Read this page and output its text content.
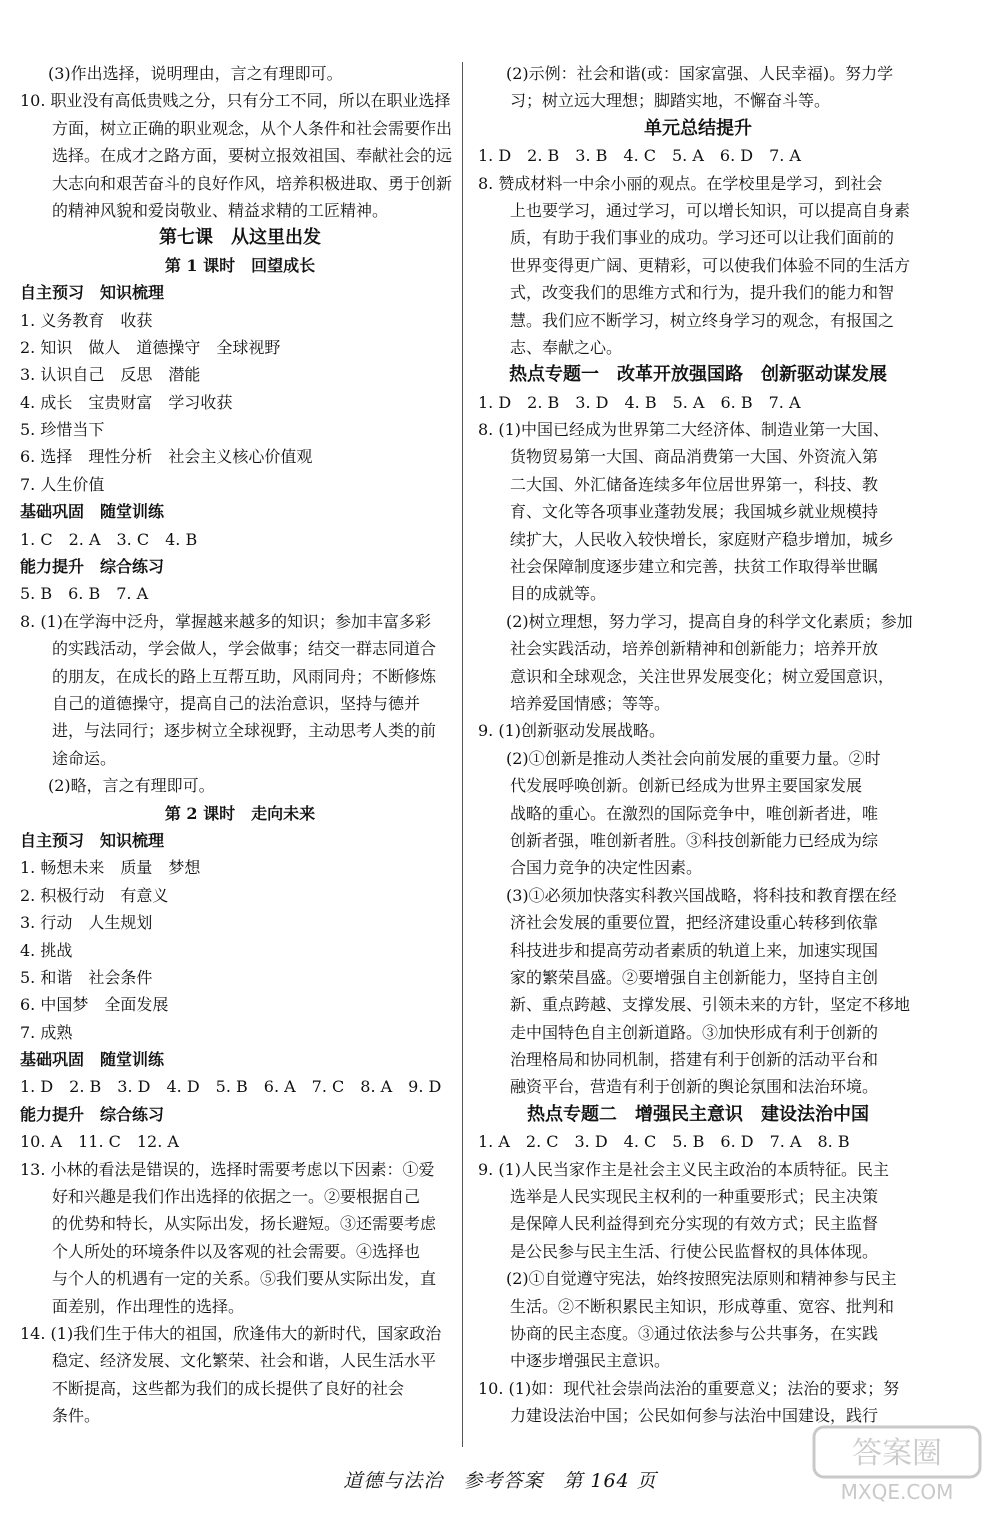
(3)作出选择，说明理由，言之有理即可。
10. 职业没有高低贵贱之分，只有分工不同，所以在职业选择
方面，树立正确的职业观念，从个人条件和社会需要作出
选择。在成才之路方面，要树立报效祖国、奉献社会的远
大志向和艰苦奋斗的良好作风，培养积极进取、勇于创新
的精神风貌和爱岗敬业、精益求精的工匠精神。
第七课　从这里出发
第 1 课时　回望成长
自主预习　知识梳理
1. 义务教育　收获
2. 知识　做人　道德操守　全球视野
3. 认识自己　反思　潜能
4. 成长　宝贵财富　学习收获
5. 珍惜当下
6. 选择　理性分析　社会主义核心价值观
7. 人生价值
基础巩固　随堂训练
1. C　2. A　3. C　4. B
能力提升　综合练习
5. B　6. B　7. A
8. (1)在学海中泛舟，掌握越来越多的知识；参加丰富多彩
的实践活动，学会做人，学会做事；结交一群志同道合
的朋友，在成长的路上互帮互助，风雨同舟；不断修炼
自己的道德操守，提高自己的法治意识，坚持与德并
进，与法同行；逐步树立全球视野，主动思考人类的前
途命运。
(2)略，言之有理即可。
第 2 课时　走向未来
自主预习　知识梳理
1. 畅想未来　质量　梦想
2. 积极行动　有意义
3. 行动　人生规划
4. 挑战
5. 和谐　社会条件
6. 中国梦　全面发展
7. 成熟
基础巩固　随堂训练
1. D　2. B　3. D　4. D　5. B　6. A　7. C　8. A　9. D
能力提升　综合练习
10. A　11. C　12. A
13. 小林的看法是错误的，选择时需要考虑以下因素：①爱
好和兴趣是我们作出选择的依据之一。②要根据自己
的优势和特长，从实际出发，扬长避短。③还需要考虑
个人所处的环境条件以及客观的社会需要。④选择也
与个人的机遇有一定的关系。⑤我们要从实际出发，直
面差别，作出理性的选择。
14. (1)我们生于伟大的祖国，欣逢伟大的新时代，国家政治
稳定、经济发展、文化繁荣、社会和谐，人民生活水平
不断提高，这些都为我们的成长提供了良好的社会
条件。
(2)示例：社会和谐(或：国家富强、人民幸福)。努力学
习；树立远大理想；脚踏实地，不懈奋斗等。
单元总结提升
1. D　2. B　3. B　4. C　5. A　6. D　7. A
8. 赞成材料一中余小丽的观点。在学校里是学习，到社会
上也要学习，通过学习，可以增长知识，可以提高自身素
质，有助于我们事业的成功。学习还可以让我们面前的
世界变得更广阔、更精彩，可以使我们体验不同的生活方
式，改变我们的思维方式和行为，提升我们的能力和智
慧。我们应不断学习，树立终身学习的观念，有报国之
志、奉献之心。
热点专题一　改革开放强国路　创新驱动谋发展
1. D　2. B　3. D　4. B　5. A　6. B　7. A
8. (1)中国已经成为世界第二大经济体、制造业第一大国、
货物贸易第一大国、商品消费第一大国、外资流入第
二大国、外汇储备连续多年位居世界第一，科技、教
育、文化等各项事业蓬勃发展；我国城乡就业规模持
续扩大，人民收入较快增长，家庭财产稳步增加，城乡
社会保障制度逐步建立和完善，扶贫工作取得举世瞩
目的成就等。
(2)树立理想，努力学习，提高自身的科学文化素质；参加
社会实践活动，培养创新精神和创新能力；培养开放
意识和全球观念，关注世界发展变化；树立爱国意识，
培养爱国情感；等等。
9. (1)创新驱动发展战略。
(2)①创新是推动人类社会向前发展的重要力量。②时
代发展呼唤创新。创新已经成为世界主要国家发展
战略的重心。在激烈的国际竞争中，唯创新者进，唯
创新者强，唯创新者胜。③科技创新能力已经成为综
合国力竞争的决定性因素。
(3)①必须加快落实科教兴国战略，将科技和教育摆在经
济社会发展的重要位置，把经济建设重心转移到依靠
科技进步和提高劳动者素质的轨道上来，加速实现国
家的繁荣昌盛。②要增强自主创新能力，坚持自主创
新、重点跨越、支撑发展、引领未来的方针，坚定不移地
走中国特色自主创新道路。③加快形成有利于创新的
治理格局和协同机制，搭建有利于创新的活动平台和
融资平台，营造有利于创新的舆论氛围和法治环境。
热点专题二　增强民主意识　建设法治中国
1. A　2. C　3. D　4. C　5. B　6. D　7. A　8. B
9. (1)人民当家作主是社会主义民主政治的本质特征。民主
选举是人民实现民主权利的一种重要形式；民主决策
是保障人民利益得到充分实现的有效方式；民主监督
是公民参与民主生活、行使公民监督权的具体体现。
(2)①自觉遵守宪法，始终按照宪法原则和精神参与民主
生活。②不断积累民主知识，形成尊重、宽容、批判和
协商的民主态度。③通过依法参与公共事务，在实践
中逐步增强民主意识。
10. (1)如：现代社会崇尚法治的重要意义；法治的要求；努
力建设法治中国；公民如何参与法治中国建设，践行
道德与法治　参考答案　第 164 页
答案圈
MXQE.COM
